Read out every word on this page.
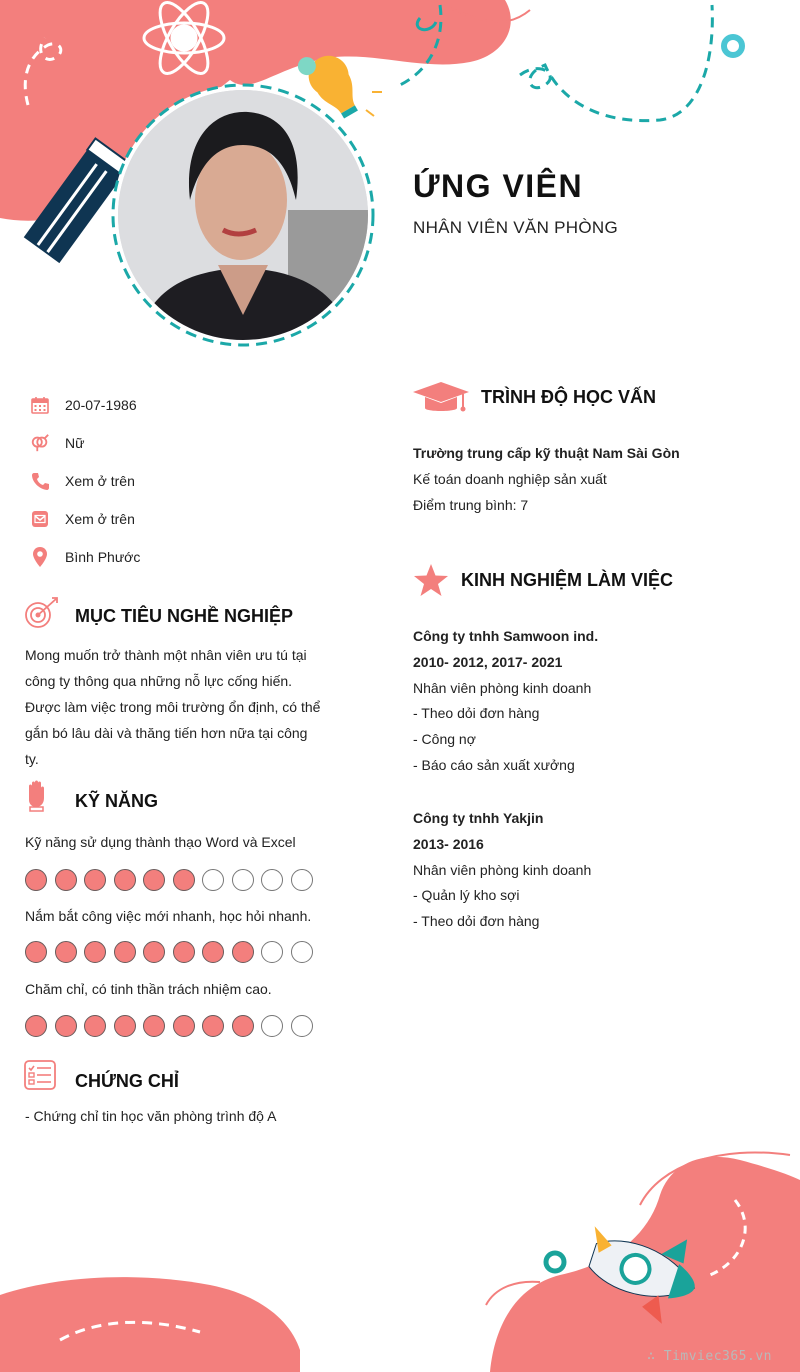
ỨNG VIÊN
NHÂN VIÊN VĂN PHÒNG
20-07-1986
Nữ
Xem ở trên
Xem ở trên
Bình Phước
MỤC TIÊU NGHỀ NGHIỆP
Mong muốn trở thành một nhân viên ưu tú tại
công ty thông qua những nỗ lực cống hiến.
Được làm việc trong môi trường ổn định, có thể
gắn bó lâu dài và thăng tiến hơn nữa tại công
ty.
KỸ NĂNG
Kỹ năng sử dụng thành thạo Word và Excel
Nắm bắt công việc mới nhanh, học hỏi nhanh.
Chăm chỉ, có tinh thần trách nhiệm cao.
CHỨNG CHỈ
- Chứng chỉ tin học văn phòng trình độ A
TRÌNH ĐỘ HỌC VẤN
Trường trung cấp kỹ thuật Nam Sài Gòn
Kế toán doanh nghiệp sản xuất
Điểm trung bình: 7
KINH NGHIỆM LÀM VIỆC
Công ty tnhh Samwoon ind.
2010- 2012, 2017- 2021
Nhân viên phòng kinh doanh
- Theo dỏi đơn hàng
- Công nợ
- Báo cáo sản xuất xưởng
Công ty tnhh Yakjin
2013- 2016
Nhân viên phòng kinh doanh
- Quản lý kho sợi
- Theo dỏi đơn hàng
∴ Timviec365.vn
